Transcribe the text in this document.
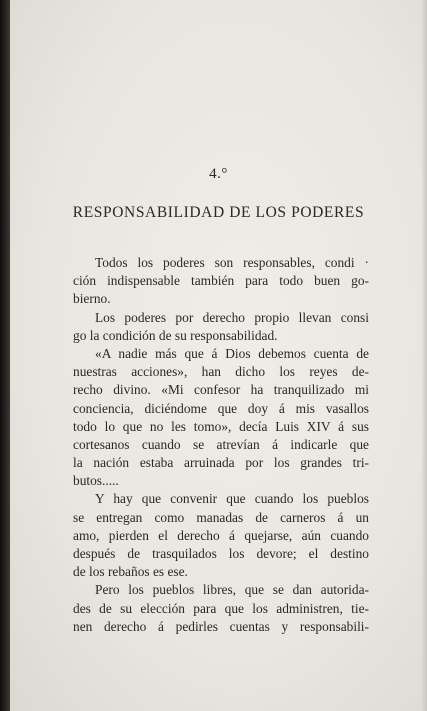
4.°
RESPONSABILIDAD DE LOS PODERES
Todos los poderes son responsables, condi ·
ción indispensable también para todo buen go-
bierno.
Los poderes por derecho propio llevan consi
go la condición de su responsabilidad.
«A nadie más que á Dios debemos cuenta de
nuestras acciones», han dicho los reyes de-
recho divino. «Mi confesor ha tranquilizado mi
conciencia, diciéndome que doy á mis vasallos
todo lo que no les tomo», decía Luis XIV á sus
cortesanos cuando se atrevían á indicarle que
la nación estaba arruinada por los grandes tri-
butos.....
Y hay que convenir que cuando los pueblos
se entregan como manadas de carneros á un
amo, pierden el derecho á quejarse, aún cuando
después de trasquilados los devore; el destino
de los rebaños es ese.
Pero los pueblos libres, que se dan autorida-
des de su elección para que los administren, tie-
nen derecho á pedirles cuentas y responsabili-
